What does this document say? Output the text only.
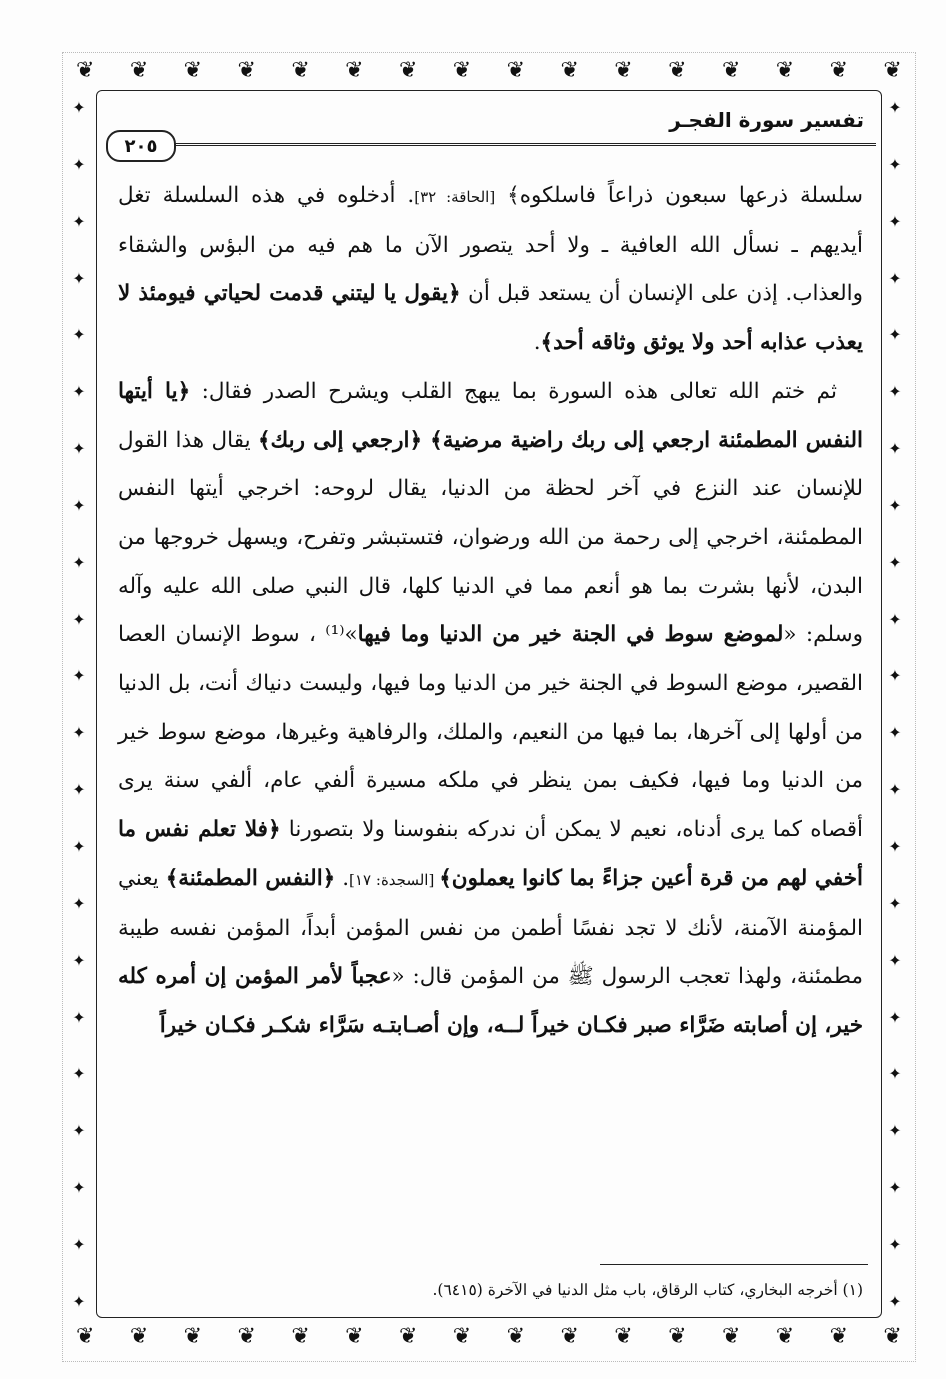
❦ ❦ ❦ ❦ ❦ ❦ ❦ ❦ ❦ ❦ ❦ ❦ ❦ ❦ ❦ ❦
❦ ❦ ❦ ❦ ❦ ❦ ❦ ❦ ❦ ❦ ❦ ❦ ❦ ❦ ❦ ❦
✦
✦
✦
✦
✦
✦
✦
✦
✦
✦
✦
✦
✦
✦
✦
✦
✦
✦
✦
✦
✦
✦
✦
✦
✦
✦
✦
✦
✦
✦
✦
✦
✦
✦
✦
✦
✦
✦
✦
✦
✦
✦
✦
✦
تفسير سورة الفجـر
٢٠٥

سلسلة ذرعها سبعون ذراعاً فاسلكوه﴾ [الحاقة: ٣٢]. أدخلوه في هذه السلسلة تغل أيديهم ـ نسأل الله العافية ـ ولا أحد يتصور الآن ما هم فيه من البؤس والشقاء والعذاب. إذن على الإنسان أن يستعد قبل أن ﴿يقول يا ليتني قدمت لحياتي فيومئذ لا يعذب عذابه أحد ولا يوثق وثاقه أحد﴾.

ثم ختم الله تعالى هذه السورة بما يبهج القلب ويشرح الصدر فقال: ﴿يا أيتها النفس المطمئنة ارجعي إلى ربك راضية مرضية﴾ ﴿ارجعي إلى ربك﴾ يقال هذا القول للإنسان عند النزع في آخر لحظة من الدنيا، يقال لروحه: اخرجي أيتها النفس المطمئنة، اخرجي إلى رحمة من الله ورضوان، فتستبشر وتفرح، ويسهل خروجها من البدن، لأنها بشرت بما هو أنعم مما في الدنيا كلها، قال النبي صلى الله عليه وآله وسلم: «لموضع سوط في الجنة خير من الدنيا وما فيها»⁽¹⁾ ، سوط الإنسان العصا القصير، موضع السوط في الجنة خير من الدنيا وما فيها، وليست دنياك أنت، بل الدنيا من أولها إلى آخرها، بما فيها من النعيم، والملك، والرفاهية وغيرها، موضع سوط خير من الدنيا وما فيها، فكيف بمن ينظر في ملكه مسيرة ألفي عام، ألفي سنة يرى أقصاه كما يرى أدناه، نعيم لا يمكن أن ندركه بنفوسنا ولا بتصورنا ﴿فلا تعلم نفس ما أخفي لهم من قرة أعين جزاءً بما كانوا يعملون﴾ [السجدة: ١٧]. ﴿النفس المطمئنة﴾ يعني المؤمنة الآمنة، لأنك لا تجد نفسًا أطمن من نفس المؤمن أبداً، المؤمن نفسه طيبة مطمئنة، ولهذا تعجب الرسول ﷺ من المؤمن قال: «عجباً لأمر المؤمن إن أمره كله خير، إن أصابته ضَرَّاء صبر فكـان خيراً لــه، وإن أصـابتـه سَرَّاء شكـر فكـان خيراً

(١) أخرجه البخاري، كتاب الرقاق، باب مثل الدنيا في الآخرة (٦٤١٥).
